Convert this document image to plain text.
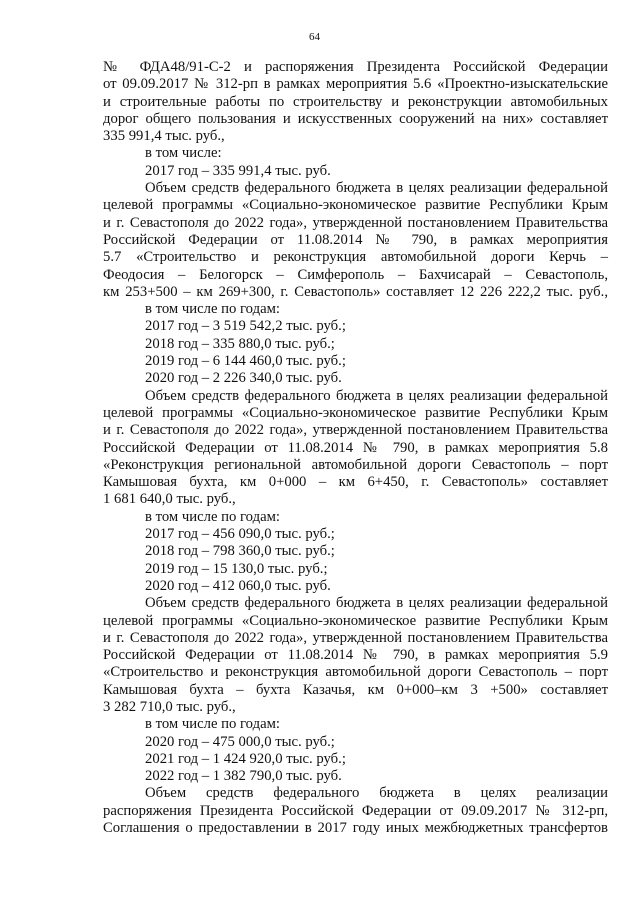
64
№ ФДА48/91-С-2 и распоряжения Президента Российской Федерации
от 09.09.2017 № 312-рп в рамках мероприятия 5.6 «Проектно-изыскательские
и строительные работы по строительству и реконструкции автомобильных
дорог общего пользования и искусственных сооружений на них» составляет
335 991,4 тыс. руб.,
в том числе:
2017 год – 335 991,4 тыс. руб.
Объем средств федерального бюджета в целях реализации федеральной
целевой программы «Социально-экономическое развитие Республики Крым
и г. Севастополя до 2022 года», утвержденной постановлением Правительства
Российской Федерации от 11.08.2014 № 790, в рамках мероприятия
5.7 «Строительство и реконструкция автомобильной дороги Керчь –
Феодосия – Белогорск – Симферополь – Бахчисарай – Севастополь,
км 253+500 – км 269+300, г. Севастополь» составляет 12 226 222,2 тыс. руб.,
в том числе по годам:
2017 год – 3 519 542,2 тыс. руб.;
2018 год – 335 880,0 тыс. руб.;
2019 год – 6 144 460,0 тыс. руб.;
2020 год – 2 226 340,0 тыс. руб.
Объем средств федерального бюджета в целях реализации федеральной
целевой программы «Социально-экономическое развитие Республики Крым
и г. Севастополя до 2022 года», утвержденной постановлением Правительства
Российской Федерации от 11.08.2014 № 790, в рамках мероприятия 5.8
«Реконструкция региональной автомобильной дороги Севастополь – порт
Камышовая бухта, км 0+000 – км 6+450, г. Севастополь» составляет
1 681 640,0 тыс. руб.,
в том числе по годам:
2017 год – 456 090,0 тыс. руб.;
2018 год – 798 360,0 тыс. руб.;
2019 год – 15 130,0 тыс. руб.;
2020 год – 412 060,0 тыс. руб.
Объем средств федерального бюджета в целях реализации федеральной
целевой программы «Социально-экономическое развитие Республики Крым
и г. Севастополя до 2022 года», утвержденной постановлением Правительства
Российской Федерации от 11.08.2014 № 790, в рамках мероприятия 5.9
«Строительство и реконструкция автомобильной дороги Севастополь – порт
Камышовая бухта – бухта Казачья, км 0+000–км 3 +500» составляет
3 282 710,0 тыс. руб.,
в том числе по годам:
2020 год – 475 000,0 тыс. руб.;
2021 год – 1 424 920,0 тыс. руб.;
2022 год – 1 382 790,0 тыс. руб.
Объем средств федерального бюджета в целях реализации
распоряжения Президента Российской Федерации от 09.09.2017 № 312-рп,
Соглашения о предоставлении в 2017 году иных межбюджетных трансфертов
